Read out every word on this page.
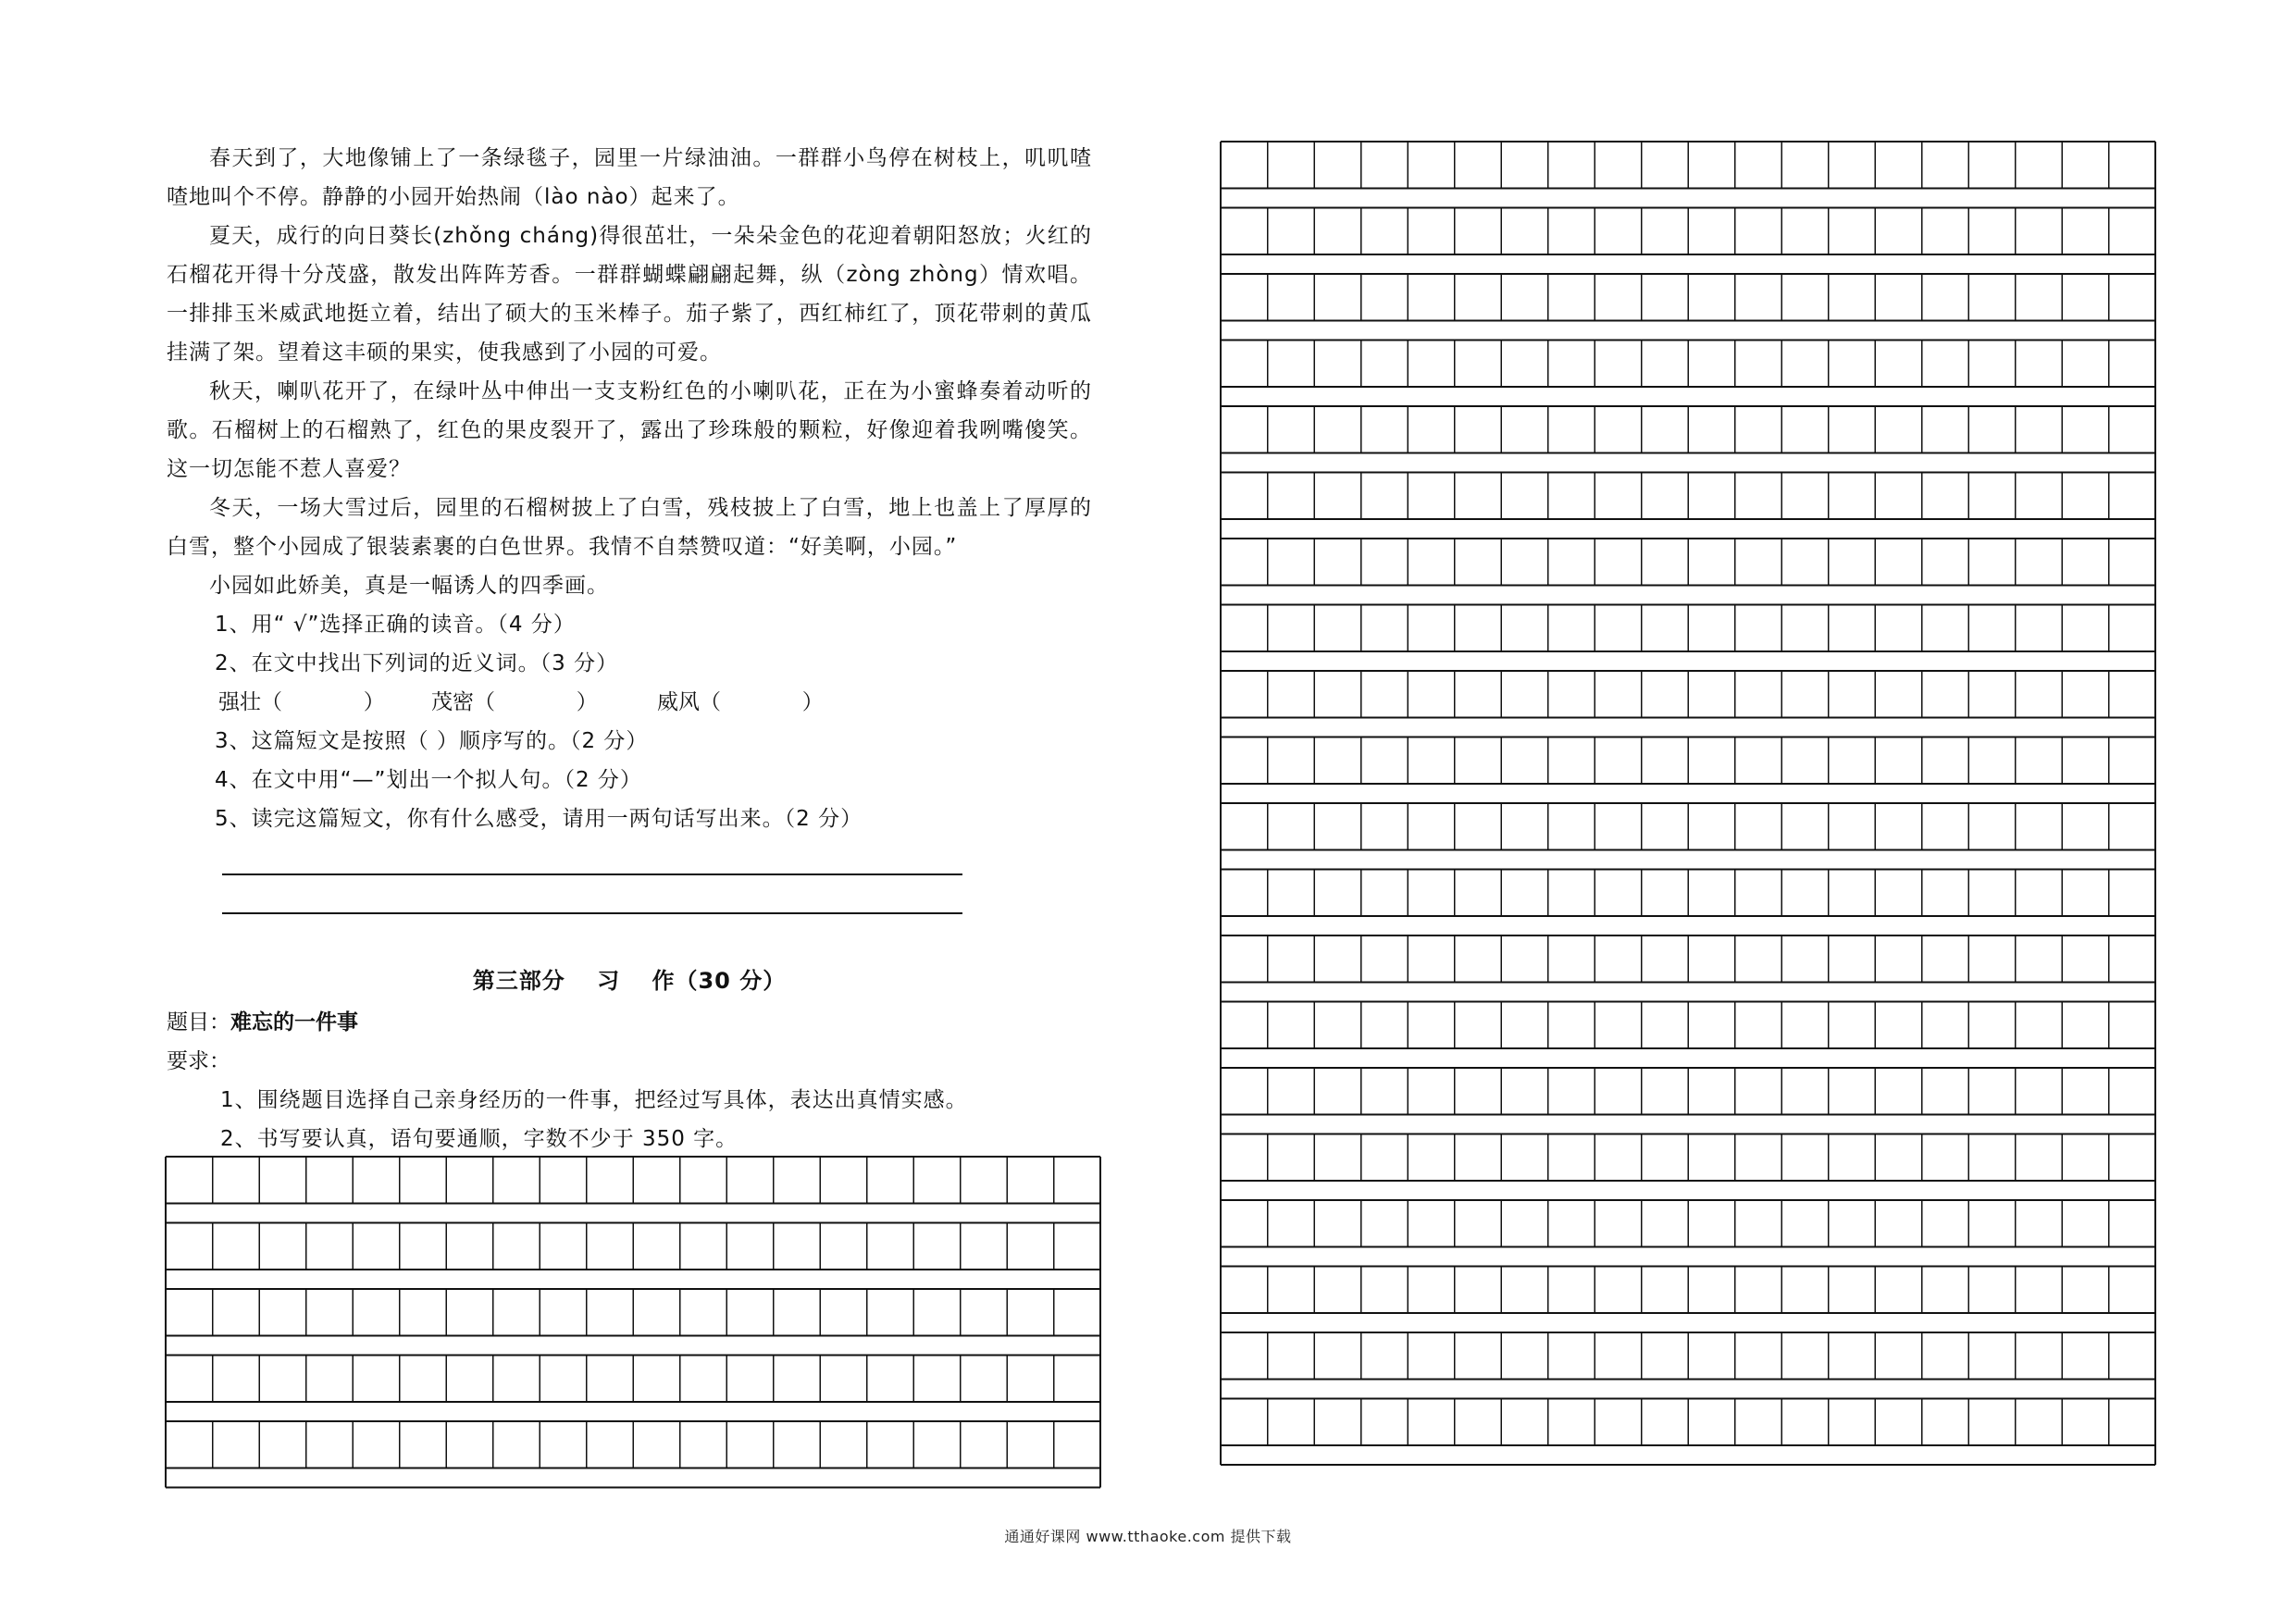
春天到了，大地像铺上了一条绿毯子，园里一片绿油油。一群群小鸟停在树枝上，叽叽喳喳地叫个不停。静静的小园开始热闹（lào nào）起来了。

夏天，成行的向日葵长(zhǒng cháng)得很茁壮，一朵朵金色的花迎着朝阳怒放；火红的石榴花开得十分茂盛，散发出阵阵芳香。一群群蝴蝶翩翩起舞，纵（zòng zhòng）情欢唱。一排排玉米威武地挺立着，结出了硕大的玉米棒子。茄子紫了，西红柿红了，顶花带刺的黄瓜挂满了架。望着这丰硕的果实，使我感到了小园的可爱。

秋天，喇叭花开了，在绿叶丛中伸出一支支粉红色的小喇叭花，正在为小蜜蜂奏着动听的歌。石榴树上的石榴熟了，红色的果皮裂开了，露出了珍珠般的颗粒，好像迎着我咧嘴傻笑。这一切怎能不惹人喜爱？

冬天，一场大雪过后，园里的石榴树披上了白雪，残枝披上了白雪，地上也盖上了厚厚的白雪，整个小园成了银装素裹的白色世界。我情不自禁赞叹道：“好美啊，小园。”

小园如此娇美，真是一幅诱人的四季画。

1、用“ √”选择正确的读音。（4 分）

2、在文中找出下列词的近义词。（3 分）

强壮（            ） 茂密（            ）	威风（            ）

3、这篇短文是按照（ ）顺序写的。（2 分）

4、在文中用“—”划出一个拟人句。（2 分）

5、读完这篇短文，你有什么感受，请用一两句话写出来。（2 分）

第三部分　 习　 作（30 分）
题目：难忘的一件事
要求：
1、围绕题目选择自己亲身经历的一件事，把经过写具体，表达出真情实感。
2、书写要认真，语句要通顺，字数不少于 350 字。
通通好课网 www.tthaoke.com 提供下载
